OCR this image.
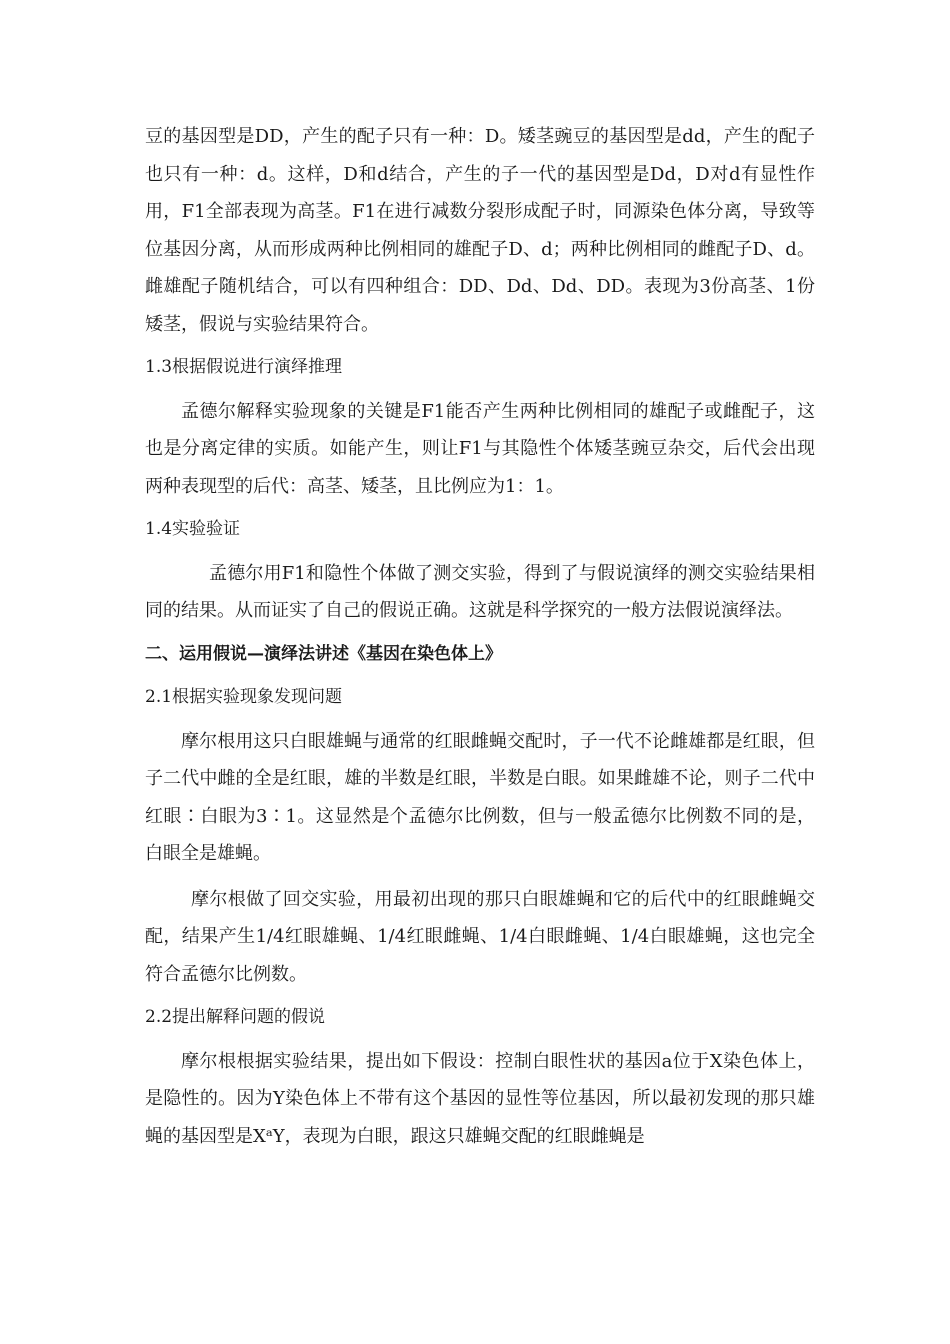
豆的基因型是DD，产生的配子只有一种：D。矮茎豌豆的基因型是dd，产生的配子也只有一种：d。这样，D和d结合，产生的子一代的基因型是Dd，D对d有显性作用，F1全部表现为高茎。F1在进行减数分裂形成配子时，同源染色体分离，导致等位基因分离，从而形成两种比例相同的雄配子D、d；两种比例相同的雌配子D、d。雌雄配子随机结合，可以有四种组合：DD、Dd、Dd、DD。表现为3份高茎、1份矮茎，假说与实验结果符合。

1.3根据假说进行演绎推理

孟德尔解释实验现象的关键是F1能否产生两种比例相同的雄配子或雌配子，这也是分离定律的实质。如能产生，则让F1与其隐性个体矮茎豌豆杂交，后代会出现两种表现型的后代：高茎、矮茎，且比例应为1：1。

1.4实验验证

孟德尔用F1和隐性个体做了测交实验，得到了与假说演绎的测交实验结果相同的结果。从而证实了自己的假说正确。这就是科学探究的一般方法假说演绎法。

二、运用假说—演绎法讲述《基因在染色体上》

2.1根据实验现象发现问题

摩尔根用这只白眼雄蝇与通常的红眼雌蝇交配时，子一代不论雌雄都是红眼，但子二代中雌的全是红眼，雄的半数是红眼，半数是白眼。如果雌雄不论，则子二代中红眼∶白眼为3∶1。这显然是个孟德尔比例数，但与一般孟德尔比例数不同的是，白眼全是雄蝇。

摩尔根做了回交实验，用最初出现的那只白眼雄蝇和它的后代中的红眼雌蝇交配，结果产生1/4红眼雄蝇、1/4红眼雌蝇、1/4白眼雌蝇、1/4白眼雄蝇，这也完全符合孟德尔比例数。

2.2提出解释问题的假说

摩尔根根据实验结果，提出如下假设：控制白眼性状的基因a位于X染色体上，是隐性的。因为Y染色体上不带有这个基因的显性等位基因，所以最初发现的那只雄蝇的基因型是XᵃY，表现为白眼，跟这只雄蝇交配的红眼雌蝇是
